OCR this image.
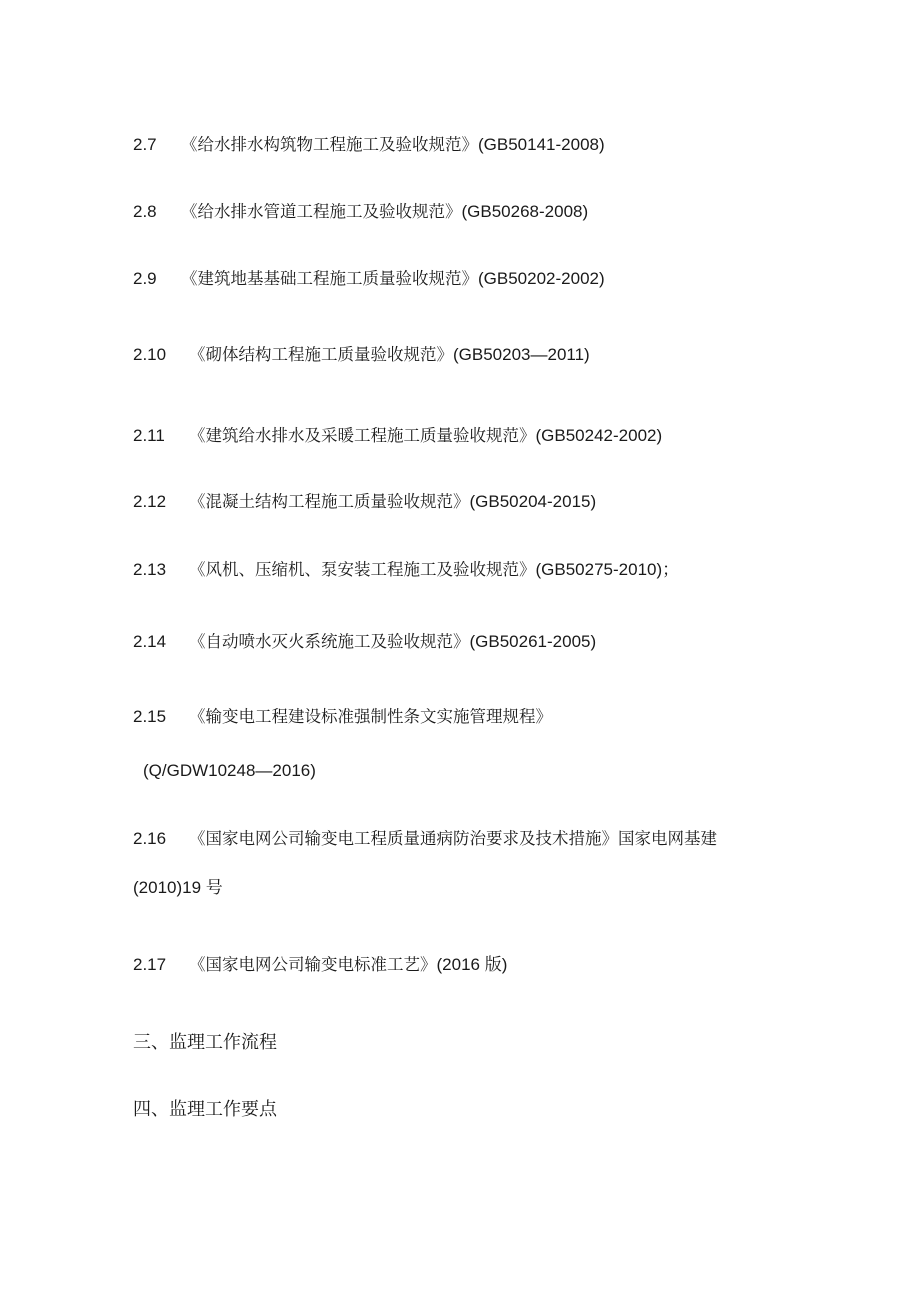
2.7 《给水排水构筑物工程施工及验收规范》(GB50141-2008)
2.8 《给水排水管道工程施工及验收规范》(GB50268-2008)
2.9 《建筑地基基础工程施工质量验收规范》(GB50202-2002)
2.10 《砌体结构工程施工质量验收规范》(GB50203—2011)
2.11 《建筑给水排水及采暖工程施工质量验收规范》(GB50242-2002)
2.12 《混凝土结构工程施工质量验收规范》(GB50204-2015)
2.13 《风机、压缩机、泵安装工程施工及验收规范》(GB50275-2010)；
2.14 《自动喷水灭火系统施工及验收规范》(GB50261-2005)
2.15 《输变电工程建设标准强制性条文实施管理规程》
(Q/GDW10248—2016)
2.16 《国家电网公司输变电工程质量通病防治要求及技术措施》国家电网基建
(2010)19 号
2.17 《国家电网公司输变电标准工艺》(2016 版)
三、监理工作流程
四、监理工作要点
